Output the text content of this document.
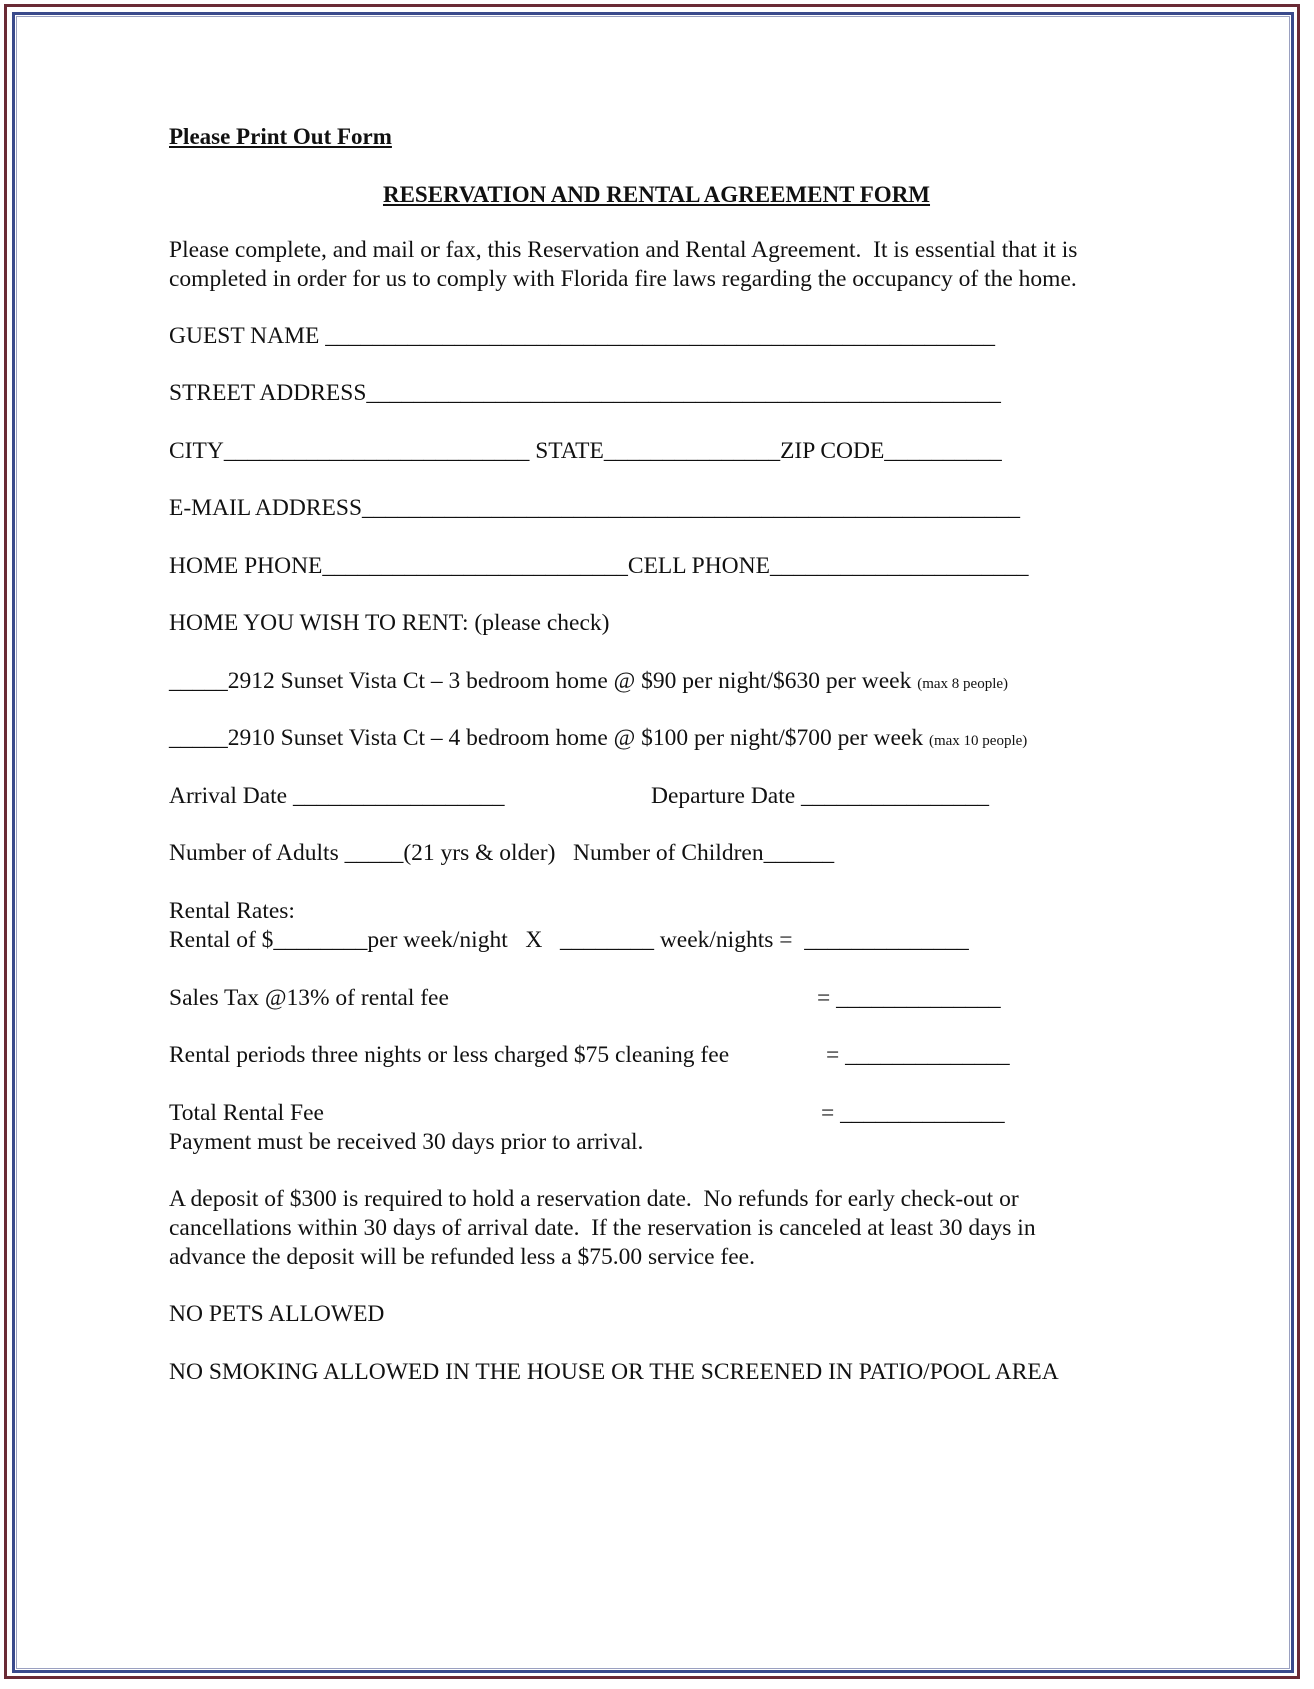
Please Print Out Form
RESERVATION AND RENTAL AGREEMENT FORM
Please complete, and mail or fax, this Reservation and Rental Agreement.  It is essential that it is
completed in order for us to comply with Florida fire laws regarding the occupancy of the home.
GUEST NAME _________________________________________________________
STREET ADDRESS______________________________________________________
CITY__________________________ STATE_______________ZIP CODE__________
E-MAIL ADDRESS________________________________________________________
HOME PHONE__________________________CELL PHONE______________________
HOME YOU WISH TO RENT: (please check)
_____2912 Sunset Vista Ct – 3 bedroom home @ $90 per night/$630 per week (max 8 people)
_____2910 Sunset Vista Ct – 4 bedroom home @ $100 per night/$700 per week (max 10 people)
Arrival Date __________________	Departure Date ________________
Number of Adults _____(21 yrs & older)   Number of Children______
Rental Rates:
Rental of $________per week/night   X   ________ week/nights =  ______________
Sales Tax @13% of rental fee	= ______________
Rental periods three nights or less charged $75 cleaning fee	= ______________
Total Rental Fee	= ______________
Payment must be received 30 days prior to arrival.
A deposit of $300 is required to hold a reservation date.  No refunds for early check-out or
cancellations within 30 days of arrival date.  If the reservation is canceled at least 30 days in
advance the deposit will be refunded less a $75.00 service fee.
NO PETS ALLOWED
NO SMOKING ALLOWED IN THE HOUSE OR THE SCREENED IN PATIO/POOL AREA
